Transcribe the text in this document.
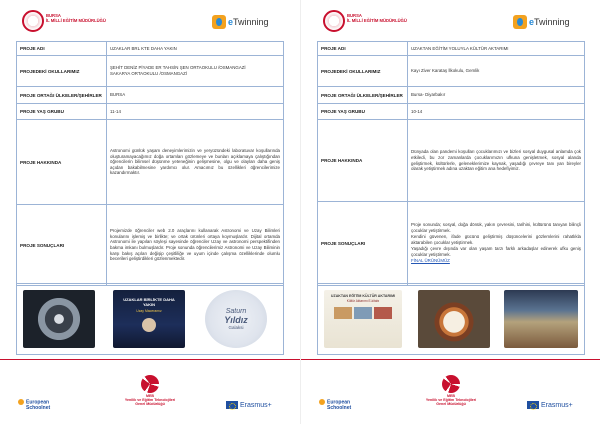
BURSA
İL MİLLİ EĞİTİM MÜDÜRLÜĞÜ	eTwinning
PROJE ADI	UZAKLAR BRL KTE DAHA YAKIN
PROJEDEKİ OKULLARIMIZ	ŞEHİT DENİZ PİYADE ER TAHSİN ŞEN ORTAOKULU /OSMANGAZİ
SAKARYA ORTAOKULU /OSMANGAZİ

PROJE ORTAĞI ÜLKELER/ŞEHİRLER	BURSA
PROJE YAŞ GRUBU	11-14
PROJE HAKKINDA	Astronomi günlük yaşam deneyimlerimizin ve yeryüzündeki laboratuvar koşullarında oluşturamayacağımız doğa ortamları gözlemeye ve bunları açıklamaya çalıştığından öğrencilerin bilimsel düşünme yeteneğinin gelişmesine, olgu ve olayları daha geniş açıdan bakabilmesine yardımcı olur. Amacımız bu özellikleri öğrencilerimize kazandırmaktır.
PROJE SONUÇLARI	Projemizde öğrenciler web 2.0 araçlarını kullanarak Astronomi ve Uzay Bilimleri konularını işlemiş ve birlikte; ve ortak ürünleri ortaya koymuşlardır. Dijital ortamda Astronomi ile yapılan söyleşi sayesinde öğrenciler Uzay ve astronomi perspektifinden bakma imkanı bulmuşlardır. Proje sonunda öğrencilerimiz Astronomi ve Uzay Biliminin karşı bakış açıları değişip çeşitliliğe ve uyum içinde çalışma özelliklerinde olumlu becerileri geliştirdikleri gözlenmektedir.
UZAKLAR BİRLİKTE DAHA YAKIN
Uzay Maceramız	Saturn
Yıldız
Galaksi
European
Schoolnet
MEB
Yenilik ve Eğitim Teknolojileri
Genel Müdürlüğü	Erasmus+
BURSA
İL MİLLİ EĞİTİM MÜDÜRLÜĞÜ	eTwinning
PROJE ADI	UZAKTAN EĞİTİM YOLUYLA KÜLTÜR AKTARIMI
PROJEDEKİ OKULLARIMIZ	Kayı Ziver Karataş İlkokulu, Gemlik
PROJE ORTAĞI ÜLKELER/ŞEHİRLER	Bursa- Diyarbakır
PROJE YAŞ GRUBU	10-14
PROJE HAKKINDA	Dünyada olan pandemi koşulları çocuklarımızı ve bizleri sosyal duygusal anlamda çok etkiledi, bu zor zamanlarda çocuklarımızın ufkuna genişletmek, sosyal alanda geliştirmek, kültürlerle, geleneklerimize kaynak, yaşadığı çevreye tanı yan bireyler olarak yetiştirmek adına uzaktan eğitim ana hedefiyimiz.
PROJE SONUÇLARI	Proje sonunda; sosyal, doğa dönük, yakın çevresini, tarihini, kültürünü tanıyan bilinçli çocuklar yetiştirmek.

Kendini güvenen, ifade gücünü geliştirmiş düşüncelerini gözlemlerini rahatlıkla aktarabilen çocuklar yetiştirmek.

Yaşadığı çevre dışında var olan yaşam tarzı farklı arkadaşlar edinerek ufku geniş çocuklar yetiştirmek.

FİNAL ÜRÜNÜMÜZ

UZAKTAN EĞİTİM KÜLTÜR AKTARIMI
Kültür Aktarımı E-kitabı
European
Schoolnet
MEB
Yenilik ve Eğitim Teknolojileri
Genel Müdürlüğü	Erasmus+
